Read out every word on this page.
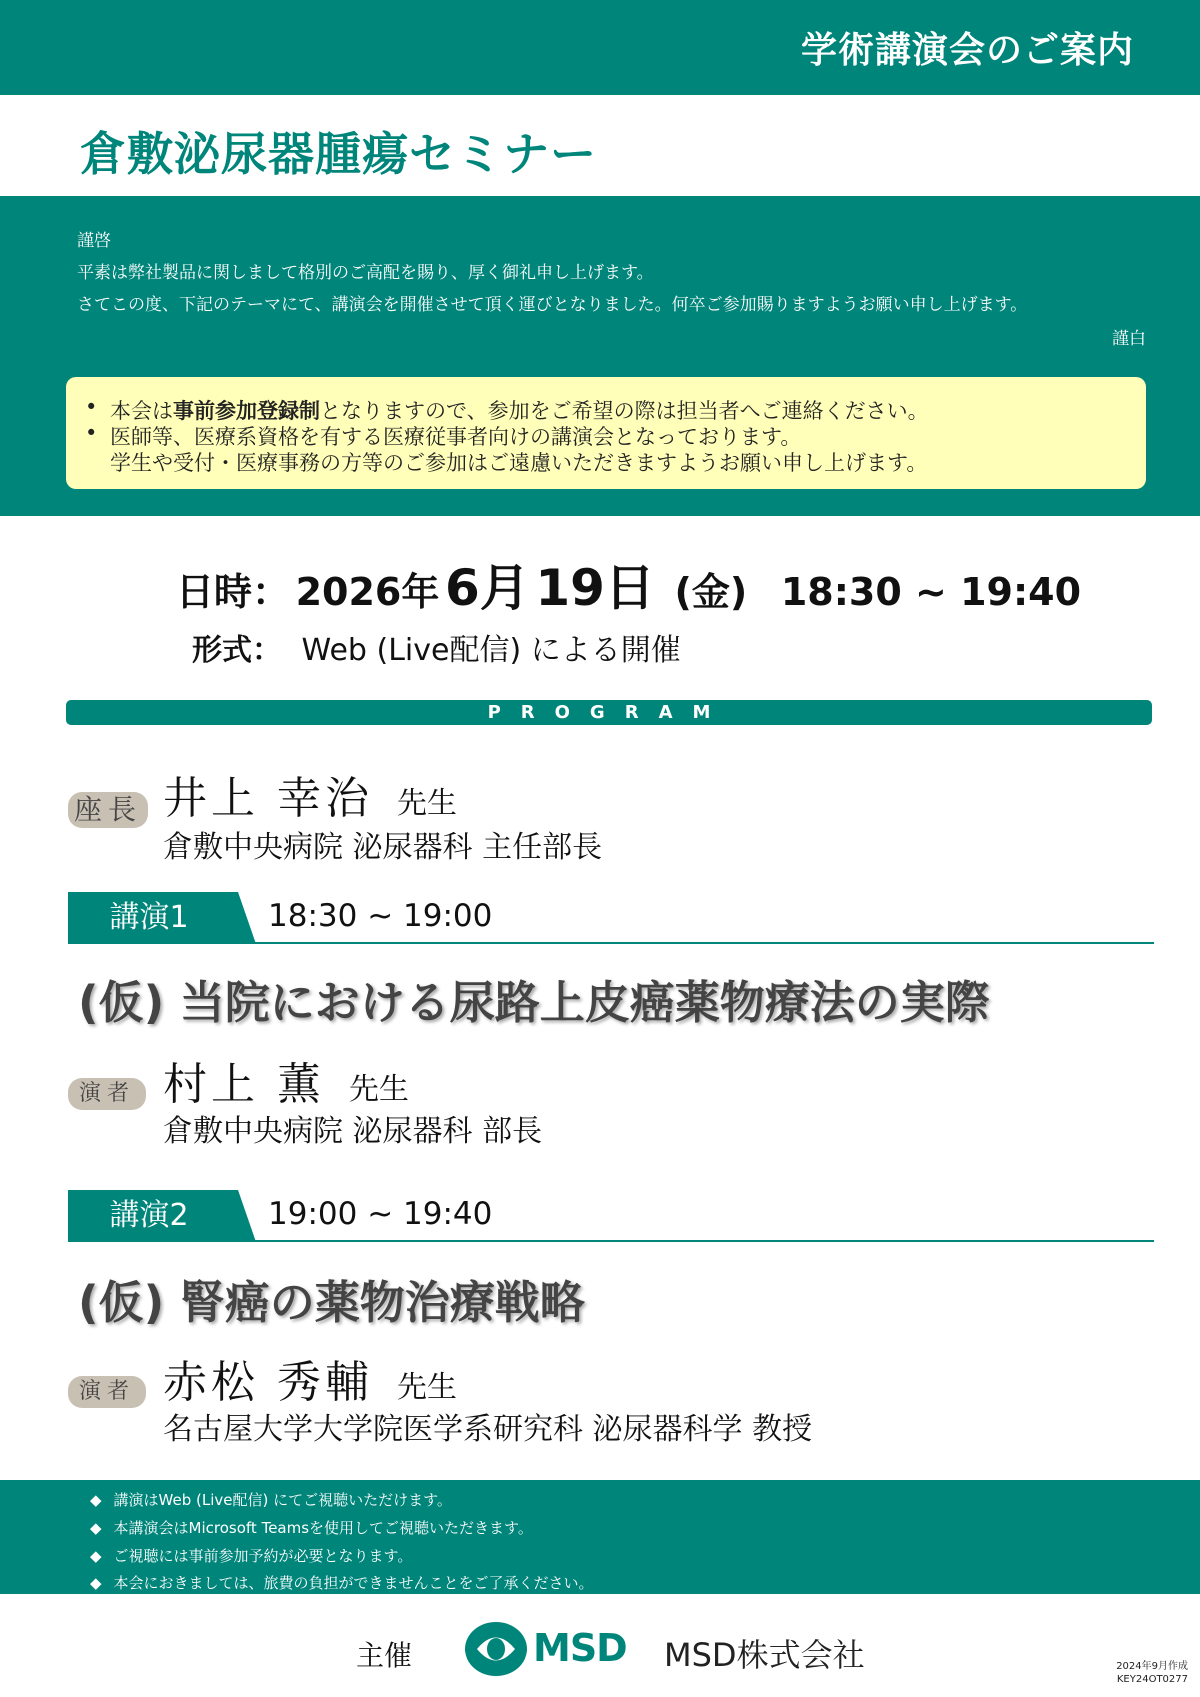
学術講演会のご案内
倉敷泌尿器腫瘍セミナー
謹啓
平素は弊社製品に関しまして格別のご高配を賜り、厚く御礼申し上げます。
さてこの度、下記のテーマにて、講演会を開催させて頂く運びとなりました。何卒ご参加賜りますようお願い申し上げます。
謹白
• 本会は事前参加登録制となりますので、参加をご希望の際は担当者へご連絡ください。
• 医師等、医療系資格を有する医療従事者向けの講演会となっております。
学生や受付・医療事務の方等のご参加はご遠慮いただきますようお願い申し上げます。
日時： 2026年 6月 19日 (金) 18:30 ~ 19:40
形式： Web (Live配信) による開催
PROGRAM
座長 井上 幸治 先生
倉敷中央病院 泌尿器科 主任部長
講演1	18:30 ~ 19:00
(仮) 当院における尿路上皮癌薬物療法の実際
演者 村上 薫 先生
倉敷中央病院 泌尿器科 部長
講演2	19:00 ~ 19:40
(仮) 腎癌の薬物治療戦略
演者 赤松 秀輔 先生
名古屋大学大学院医学系研究科 泌尿器科学 教授
◆ 講演はWeb (Live配信) にてご視聴いただけます。
◆ 本講演会はMicrosoft Teamsを使用してご視聴いただきます。
◆ ご視聴には事前参加予約が必要となります。
◆ 本会におきましては、旅費の負担ができませんことをご了承ください。
主催	MSD MSD株式会社	2024年9月作成
KEY24OT0277
